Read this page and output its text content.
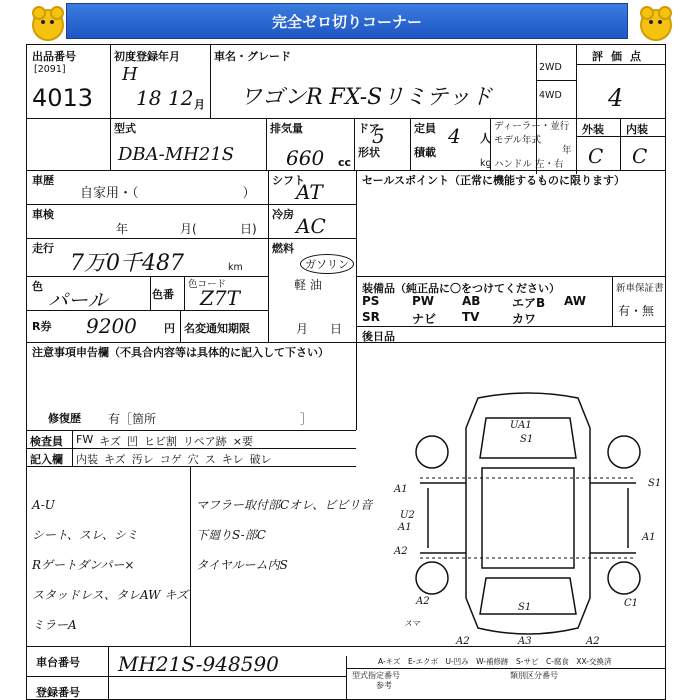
完全ゼロ切りコーナー
出品番号
[2091]
4013
初度登録年月
H
18 12 月
車名・グレード
ワゴンR FX-Sリミテッド
2WD
4WD
評価点
4
型式
DBA-MH21S
排気量
660 cc
ドア
5
形状
定員 4 人
積載
kg
ディーラー・並行
モデル年式
年
ハンドル 左・右
外装 内装
C C
車歴
自家用・（　　　　　　　　）
シフト
AT
車検
年	月(	日)
冷房 AC
走行
7万0千487	km
燃料
ガソリン
軽 油
色
パール	色番
色コード
Z7T
R券 9200 円 名変通知期限	月 日
セールスポイント（正常に機能するものに限ります）
装備品（純正品に〇をつけてください）	新車保証書
有・無
PS	PW	AB	エアB	AW
SR	ナビ	TV	カワ
後日品
注意事項申告欄（不具合内容等は具体的に記入して下さい）
修復歴 有［箇所　　　　　　　　　　　　］
検査員
記入欄
FW キズ 凹 ヒビ割 リペア跡 ×要
内装 キズ 汚レ コゲ 穴 ス キレ 破レ
A-U
シート、スレ、シミ
Rゲートダンパー×
スタッドレス、タレAW キズ
ミラーA
マフラー取付部Cオレ、ビビリ音
下廻りS-部C
タイヤルーム内S
UA1
S1
A1
S1
U2
A1
A1
A2
A2
S1	C1
A2	A3	A2
スマ
車台番号 MH21S-948590
登録番号
A-キズ　E-エクボ　U-凹み　W-補修跡　S-サビ　C-腐食　XX-交換済
型式指定番号	類別区分番号
参考
